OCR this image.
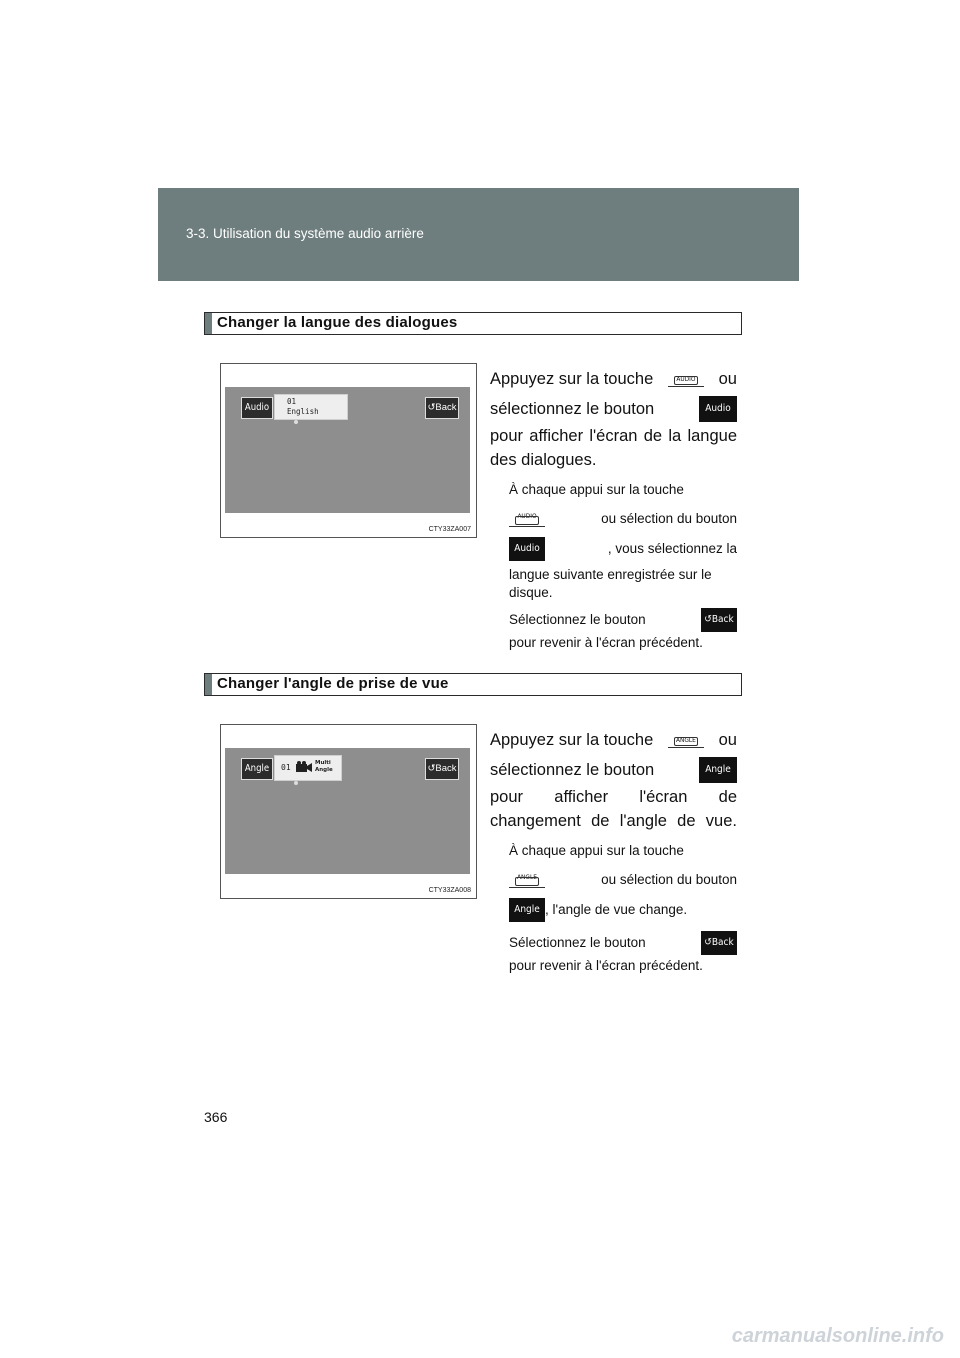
3-3. Utilisation du système audio arrière
Changer la langue des dialogues
Audio
01
English	↺Back
CTY33ZA007
Appuyez sur la touche	AUDIO	ou
sélectionnez le bouton	Audio
pour afficher l'écran de la langue des dialogues.
À chaque appui sur la touche
AUDIO	ou sélection du bouton
Audio	, vous sélectionnez la
langue suivante enregistrée sur le disque.
Sélectionnez le bouton	↺Back
pour revenir à l'écran précédent.
Changer l'angle de prise de vue
Angle	01	Multi Angle	↺Back
CTY33ZA008
Appuyez sur la touche	ANGLE	ou
sélectionnez le bouton	Angle
pour afficher l'écran de changement de l'angle de vue.
À chaque appui sur la touche
ANGLE	ou sélection du bouton
Angle , l'angle de vue change.
Sélectionnez le bouton	↺Back
pour revenir à l'écran précédent.
366
carmanualsonline.info
